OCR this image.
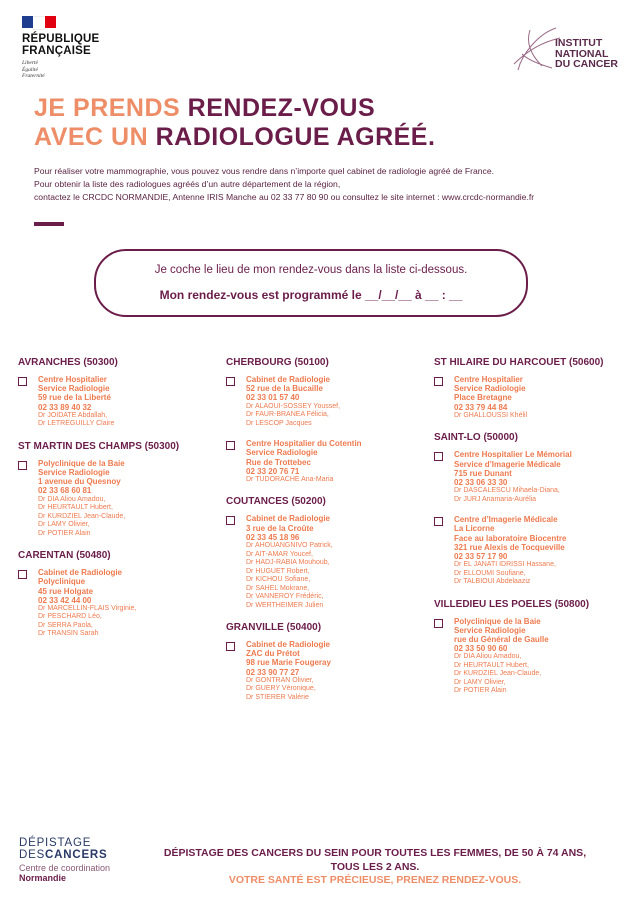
RÉPUBLIQUE
FRANÇAISE
Liberté
Égalité
Fraternité
INSTITUT
NATIONAL
DU CANCER
JE PRENDS RENDEZ-VOUS
AVEC UN RADIOLOGUE AGRÉÉ.
Pour réaliser votre mammographie, vous pouvez vous rendre dans n’importe quel cabinet de radiologie agréé de France.
Pour obtenir la liste des radiologues agréés d’un autre département de la région,
contactez le CRCDC NORMANDIE, Antenne IRIS Manche au 02 33 77 80 90 ou consultez le site internet : www.crcdc-normandie.fr
Je coche le lieu de mon rendez-vous dans la liste ci-dessous.
Mon rendez-vous est programmé le __/__/__ à __ : __
AVRANCHES (50300)
Centre Hospitalier
Service Radiologie
59 rue de la Liberté
02 33 89 40 32
Dr JOIDATE Abdallah,
Dr LETREGUILLY Claire
ST MARTIN DES CHAMPS (50300)
Polyclinique de la Baie
Service Radiologie
1 avenue du Quesnoy
02 33 68 60 81
Dr DIA Aliou Amadou,
Dr HEURTAULT Hubert,
Dr KURDZIEL Jean-Claude,
Dr LAMY Olivier,
Dr POTIER Alain
CARENTAN (50480)
Cabinet de Radiologie
Polyclinique
45 rue Holgate
02 33 42 44 00
Dr MARCELLIN-FLAIS Virginie,
Dr PESCHARD Léo,
Dr SERRA Paola,
Dr TRANSIN Sarah
CHERBOURG (50100)
Cabinet de Radiologie
52 rue de la Bucaille
02 33 01 57 40
Dr ALAOUI-SOSSEY Youssef,
Dr FAUR-BRANEA Félicia,
Dr LESCOP Jacques
Centre Hospitalier du Cotentin
Service Radiologie
Rue de Trottebec
02 33 20 76 71
Dr TUDORACHE Ana-Maria
COUTANCES (50200)
Cabinet de Radiologie
3 rue de la Croûte
02 33 45 18 96
Dr AHOUANGNIVO Patrick,
Dr AIT-AMAR Youcef,
Dr HADJ-RABIA Mouhoub,
Dr HUGUET Robert,
Dr KICHOU Sofiane,
Dr SAHEL Mokrane,
Dr VANNEROY Frédéric,
Dr WERTHEIMER Julien
GRANVILLE (50400)
Cabinet de Radiologie
ZAC du Prétot
98 rue Marie Fougeray
02 33 90 77 27
Dr GONTRAN Olivier,
Dr GUERY Véronique,
Dr STIERER Valérie
ST HILAIRE DU HARCOUET (50600)
Centre Hospitalier
Service Radiologie
Place Bretagne
02 33 79 44 84
Dr GHALLOUSSI Khélil
SAINT-LO (50000)
Centre Hospitalier Le Mémorial
Service d’Imagerie Médicale
715 rue Dunant
02 33 06 33 30
Dr DASCALESCU Mihaela-Diana,
Dr JURJ Anamaria-Aurélia
Centre d’Imagerie Médicale
La Licorne
Face au laboratoire Biocentre
321 rue Alexis de Tocqueville
02 33 57 17 90
Dr EL JANATI IDRISSI Hassane,
Dr ELLOUMI Soufiane,
Dr TALBIOUI Abdelaaziz
VILLEDIEU LES POELES (50800)
Polyclinique de la Baie
Service Radiologie
rue du Général de Gaulle
02 33 50 90 60
Dr DIA Aliou Amadou,
Dr HEURTAULT Hubert,
Dr KURDZIEL Jean-Claude,
Dr LAMY Olivier,
Dr POTIER Alain
DÉPISTAGE
DESCANCERS
Centre de coordination
Normandie
DÉPISTAGE DES CANCERS DU SEIN POUR TOUTES LES FEMMES, DE 50 À 74 ANS,
TOUS LES 2 ANS.
VOTRE SANTÉ EST PRÉCIEUSE, PRENEZ RENDEZ-VOUS.
